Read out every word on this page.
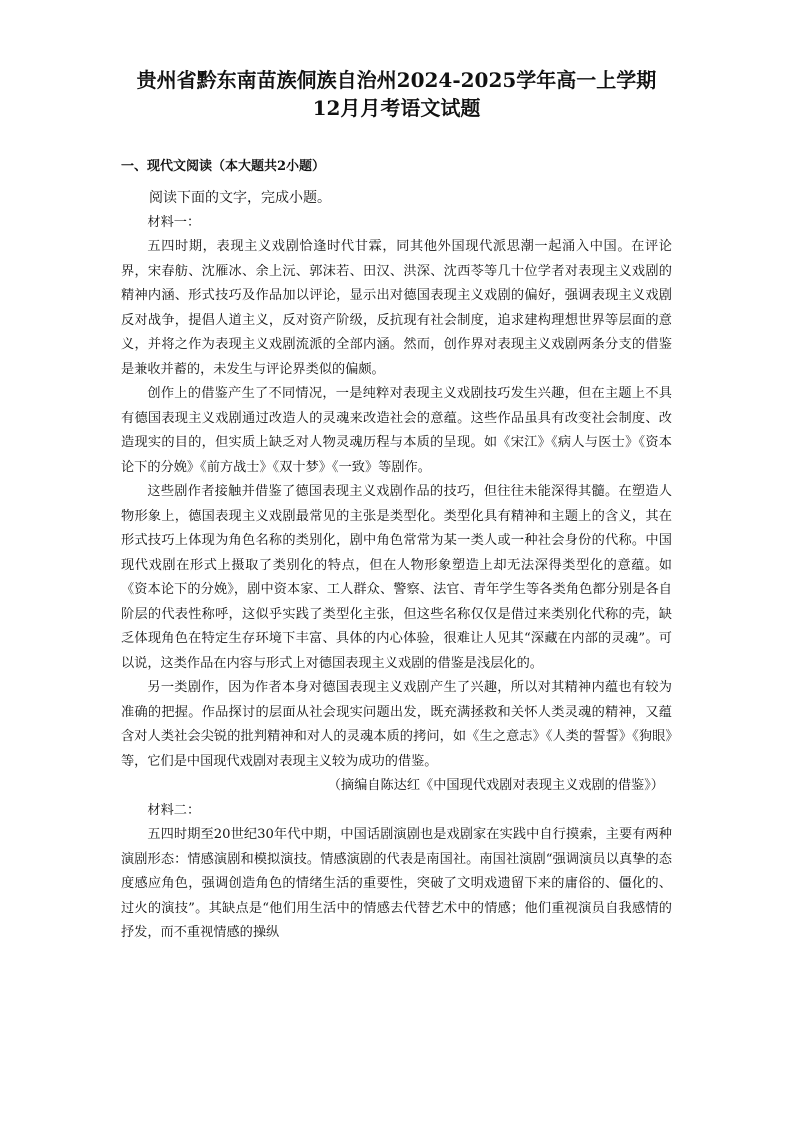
贵州省黔东南苗族侗族自治州2024-2025学年高一上学期
12月月考语文试题
一、现代文阅读（本大题共2小题）

阅读下面的文字，完成小题。

材料一：

五四时期，表现主义戏剧恰逢时代甘霖，同其他外国现代派思潮一起涌入中国。在评论界，宋春舫、沈雁冰、余上沅、郭沫若、田汉、洪深、沈西苓等几十位学者对表现主义戏剧的精神内涵、形式技巧及作品加以评论，显示出对德国表现主义戏剧的偏好，强调表现主义戏剧反对战争，提倡人道主义，反对资产阶级，反抗现有社会制度，追求建构理想世界等层面的意义，并将之作为表现主义戏剧流派的全部内涵。然而，创作界对表现主义戏剧两条分支的借鉴是兼收并蓄的，未发生与评论界类似的偏颇。

创作上的借鉴产生了不同情况，一是纯粹对表现主义戏剧技巧发生兴趣，但在主题上不具有德国表现主义戏剧通过改造人的灵魂来改造社会的意蕴。这些作品虽具有改变社会制度、改造现实的目的，但实质上缺乏对人物灵魂历程与本质的呈现。如《宋江》《病人与医士》《资本论下的分娩》《前方战士》《双十梦》《一致》等剧作。

这些剧作者接触并借鉴了德国表现主义戏剧作品的技巧，但往往未能深得其髓。在塑造人物形象上，德国表现主义戏剧最常见的主张是类型化。类型化具有精神和主题上的含义，其在形式技巧上体现为角色名称的类别化，剧中角色常常为某一类人或一种社会身份的代称。中国现代戏剧在形式上摄取了类别化的特点，但在人物形象塑造上却无法深得类型化的意蕴。如《资本论下的分娩》，剧中资本家、工人群众、警察、法官、青年学生等各类角色都分别是各自阶层的代表性称呼，这似乎实践了类型化主张，但这些名称仅仅是借过来类别化代称的壳，缺乏体现角色在特定生存环境下丰富、具体的内心体验，很难让人见其“深藏在内部的灵魂”。可以说，这类作品在内容与形式上对德国表现主义戏剧的借鉴是浅层化的。

另一类剧作，因为作者本身对德国表现主义戏剧产生了兴趣，所以对其精神内蕴也有较为准确的把握。作品探讨的层面从社会现实问题出发，既充满拯救和关怀人类灵魂的精神，又蕴含对人类社会尖锐的批判精神和对人的灵魂本质的拷问，如《生之意志》《人类的誓誓》《狗眼》等，它们是中国现代戏剧对表现主义较为成功的借鉴。

（摘编自陈达红《中国现代戏剧对表现主义戏剧的借鉴》）

材料二：

五四时期至20世纪30年代中期，中国话剧演剧也是戏剧家在实践中自行摸索，主要有两种演剧形态：情感演剧和模拟演技。情感演剧的代表是南国社。南国社演剧“强调演员以真挚的态度感应角色，强调创造角色的情绪生活的重要性，突破了文明戏遗留下来的庸俗的、僵化的、过火的演技”。其缺点是“他们用生活中的情感去代替艺术中的情感；他们重视演员自我感情的抒发，而不重视情感的操纵
